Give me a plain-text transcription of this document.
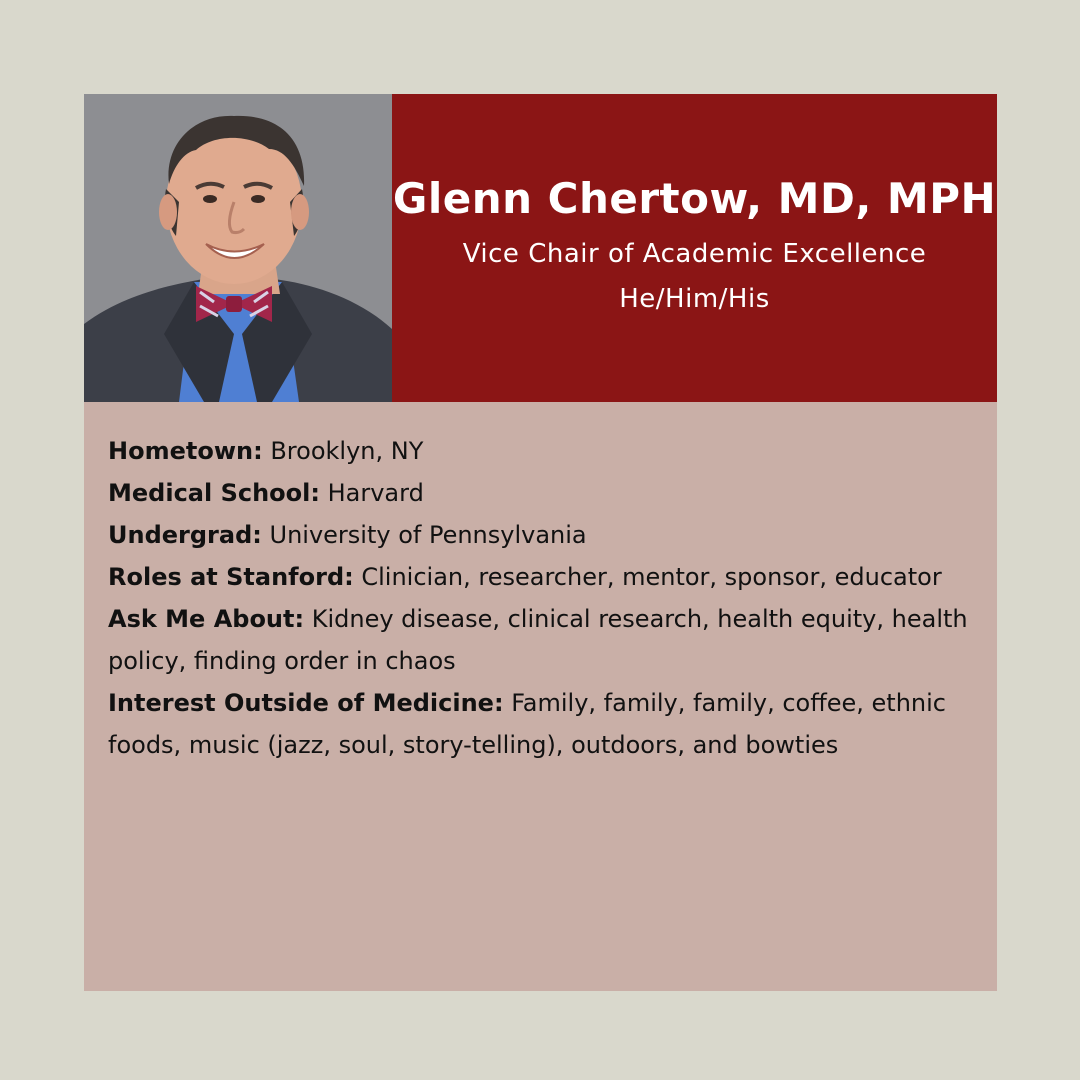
Glenn Chertow, MD, MPH
Vice Chair of Academic Excellence
He/Him/His

Hometown: Brooklyn, NY

Medical School: Harvard

Undergrad: University of Pennsylvania

Roles at Stanford: Clinician, researcher, mentor, sponsor, educator

Ask Me About: Kidney disease, clinical research, health equity, health policy, finding order in chaos

Interest Outside of Medicine: Family, family, family, coffee, ethnic foods, music (jazz, soul, story-telling), outdoors, and bowties
